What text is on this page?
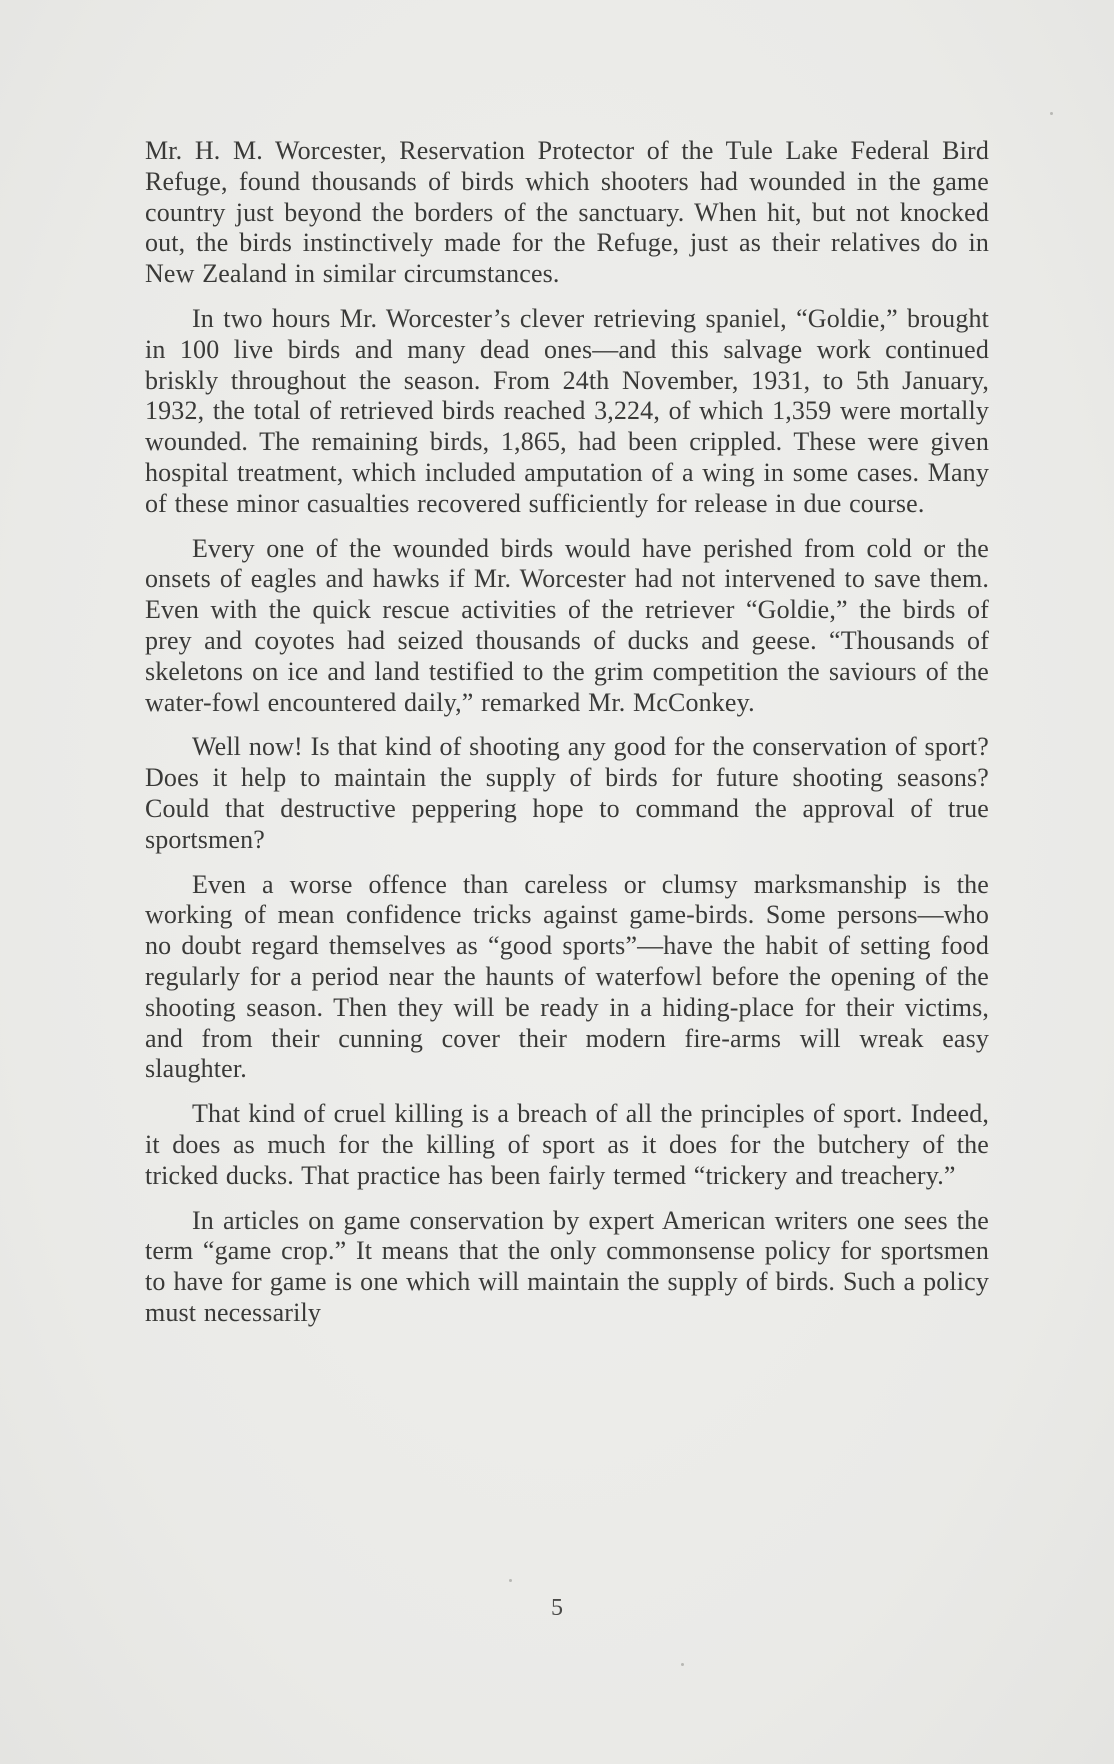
Mr. H. M. Worcester, Reservation Protector of the Tule Lake Federal Bird Refuge, found thousands of birds which shooters had wounded in the game country just beyond the borders of the sanctuary. When hit, but not knocked out, the birds instinctively made for the Refuge, just as their relatives do in New Zealand in similar circumstances.

In two hours Mr. Worcester’s clever retrieving spaniel, “Goldie,” brought in 100 live birds and many dead ones—and this salvage work continued briskly throughout the season. From 24th November, 1931, to 5th January, 1932, the total of retrieved birds reached 3,224, of which 1,359 were mortally wounded. The remaining birds, 1,865, had been crippled. These were given hospital treatment, which included amputation of a wing in some cases. Many of these minor casualties recovered sufficiently for release in due course.

Every one of the wounded birds would have perished from cold or the onsets of eagles and hawks if Mr. Worcester had not intervened to save them. Even with the quick rescue activities of the retriever “Goldie,” the birds of prey and coyotes had seized thousands of ducks and geese. “Thousands of skeletons on ice and land testified to the grim competition the saviours of the water-fowl encountered daily,” remarked Mr. McConkey.

Well now! Is that kind of shooting any good for the conservation of sport? Does it help to maintain the supply of birds for future shooting seasons? Could that destructive peppering hope to command the approval of true sportsmen?

Even a worse offence than careless or clumsy marksmanship is the working of mean confidence tricks against game-birds. Some persons—who no doubt regard themselves as “good sports”—have the habit of setting food regularly for a period near the haunts of waterfowl before the opening of the shooting season. Then they will be ready in a hiding-place for their victims, and from their cunning cover their modern fire-arms will wreak easy slaughter.

That kind of cruel killing is a breach of all the principles of sport. Indeed, it does as much for the killing of sport as it does for the butchery of the tricked ducks. That practice has been fairly termed “trickery and treachery.”

In articles on game conservation by expert American writers one sees the term “game crop.” It means that the only commonsense policy for sportsmen to have for game is one which will maintain the supply of birds. Such a policy must necessarily

5
